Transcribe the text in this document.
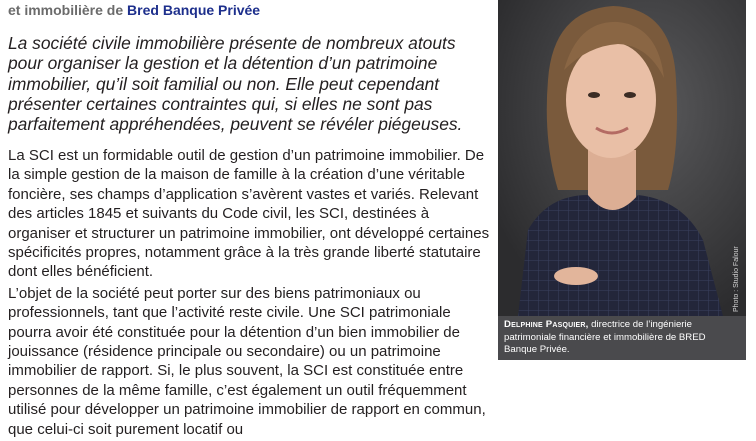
et immobilière de Bred Banque Privée
La société civile immobilière présente de nombreux atouts pour organiser la gestion et la détention d’un patrimoine immobilier, qu’il soit familial ou non. Elle peut cependant présenter certaines contraintes qui, si elles ne sont pas parfaitement appréhendées, peuvent se révéler piégeuses.

La SCI est un formidable outil de gestion d’un patrimoine immobilier. De la simple gestion de la maison de famille à la création d’une véritable foncière, ses champs d’application s’avèrent vastes et variés. Relevant des articles 1845 et suivants du Code civil, les SCI, destinées à organiser et structurer un patrimoine immobilier, ont développé certaines spécificités propres, notamment grâce à la très grande liberté statutaire dont elles bénéficient.

L’objet de la société peut porter sur des biens patrimoniaux ou professionnels, tant que l’activité reste civile. Une SCI patrimoniale pourra avoir été constituée pour la détention d’un bien immobilier de jouissance (résidence principale ou secondaire) ou un patrimoine immobilier de rapport. Si, le plus souvent, la SCI est constituée entre personnes de la même famille, c’est également un outil fréquemment utilisé pour développer un patrimoine immobilier de rapport en commun, que celui-ci soit purement locatif ou

Photo : Studio Falour
Delphine Pasquier, directrice de l’ingénierie patrimoniale financière et immobilière de BRED Banque Privée.
